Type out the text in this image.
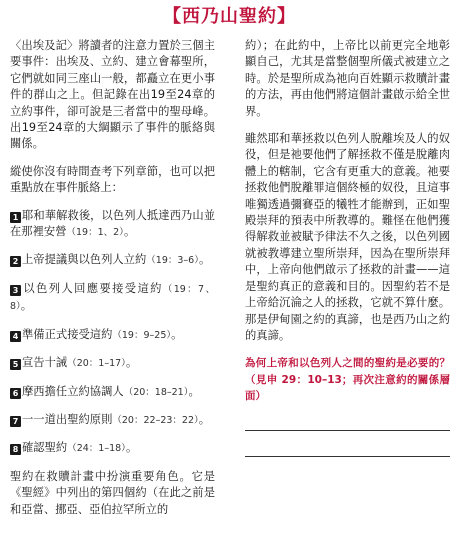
【西乃山聖約】

〈出埃及記〉將讀者的注意力置於三個主要事件：出埃及、立約、建立會幕聖所，它們就如同三座山一般，都矗立在更小事件的群山之上。但記錄在出19至24章的立約事件，卻可說是三者當中的聖母峰。出19至24章的大綱顯示了事件的脈絡與關係。

縱使你沒有時間查考下列章節，也可以把重點放在事件脈絡上：

1 耶和華解救後，以色列人抵達西乃山並在那裡安營（19：1、2）。

2 上帝提議與以色列人立約（19：3–6）。

3 以色列人回應要接受這約（19：7、8）。

4 準備正式接受這約（19：9–25）。

5 宣告十誡（20：1–17）。

6 摩西擔任立約協調人（20：18–21）。

7 一一道出聖約原則（20：22–23：22）。

8 確認聖約（24：1–18）。

聖約在救贖計畫中扮演重要角色。它是《聖經》中列出的第四個約（在此之前是和亞當、挪亞、亞伯拉罕所立的

約）；在此約中，上帝比以前更完全地彰顯自己，尤其是當整個聖所儀式被建立之時。於是聖所成為祂向百姓顯示救贖計畫的方法，再由他們將這個計畫啟示給全世界。

雖然耶和華拯救以色列人脫離埃及人的奴役，但是祂要他們了解拯救不僅是脫離肉體上的轄制，它含有更重大的意義。祂要拯救他們脫離罪這個終極的奴役，且這事唯獨透過彌賽亞的犧牲才能辦到，正如聖殿崇拜的預表中所教導的。難怪在他們獲得解救並被賦予律法不久之後，以色列國就被教導建立聖所崇拜，因為在聖所崇拜中，上帝向他們啟示了拯救的計畫——這是聖約真正的意義和目的。因聖約若不是上帝給沉淪之人的拯救，它就不算什麼。那是伊甸園之約的真諦，也是西乃山之約的真諦。

為何上帝和以色列人之間的聖約是必要的？（見申 29：10–13；再次注意約的關係層面）
